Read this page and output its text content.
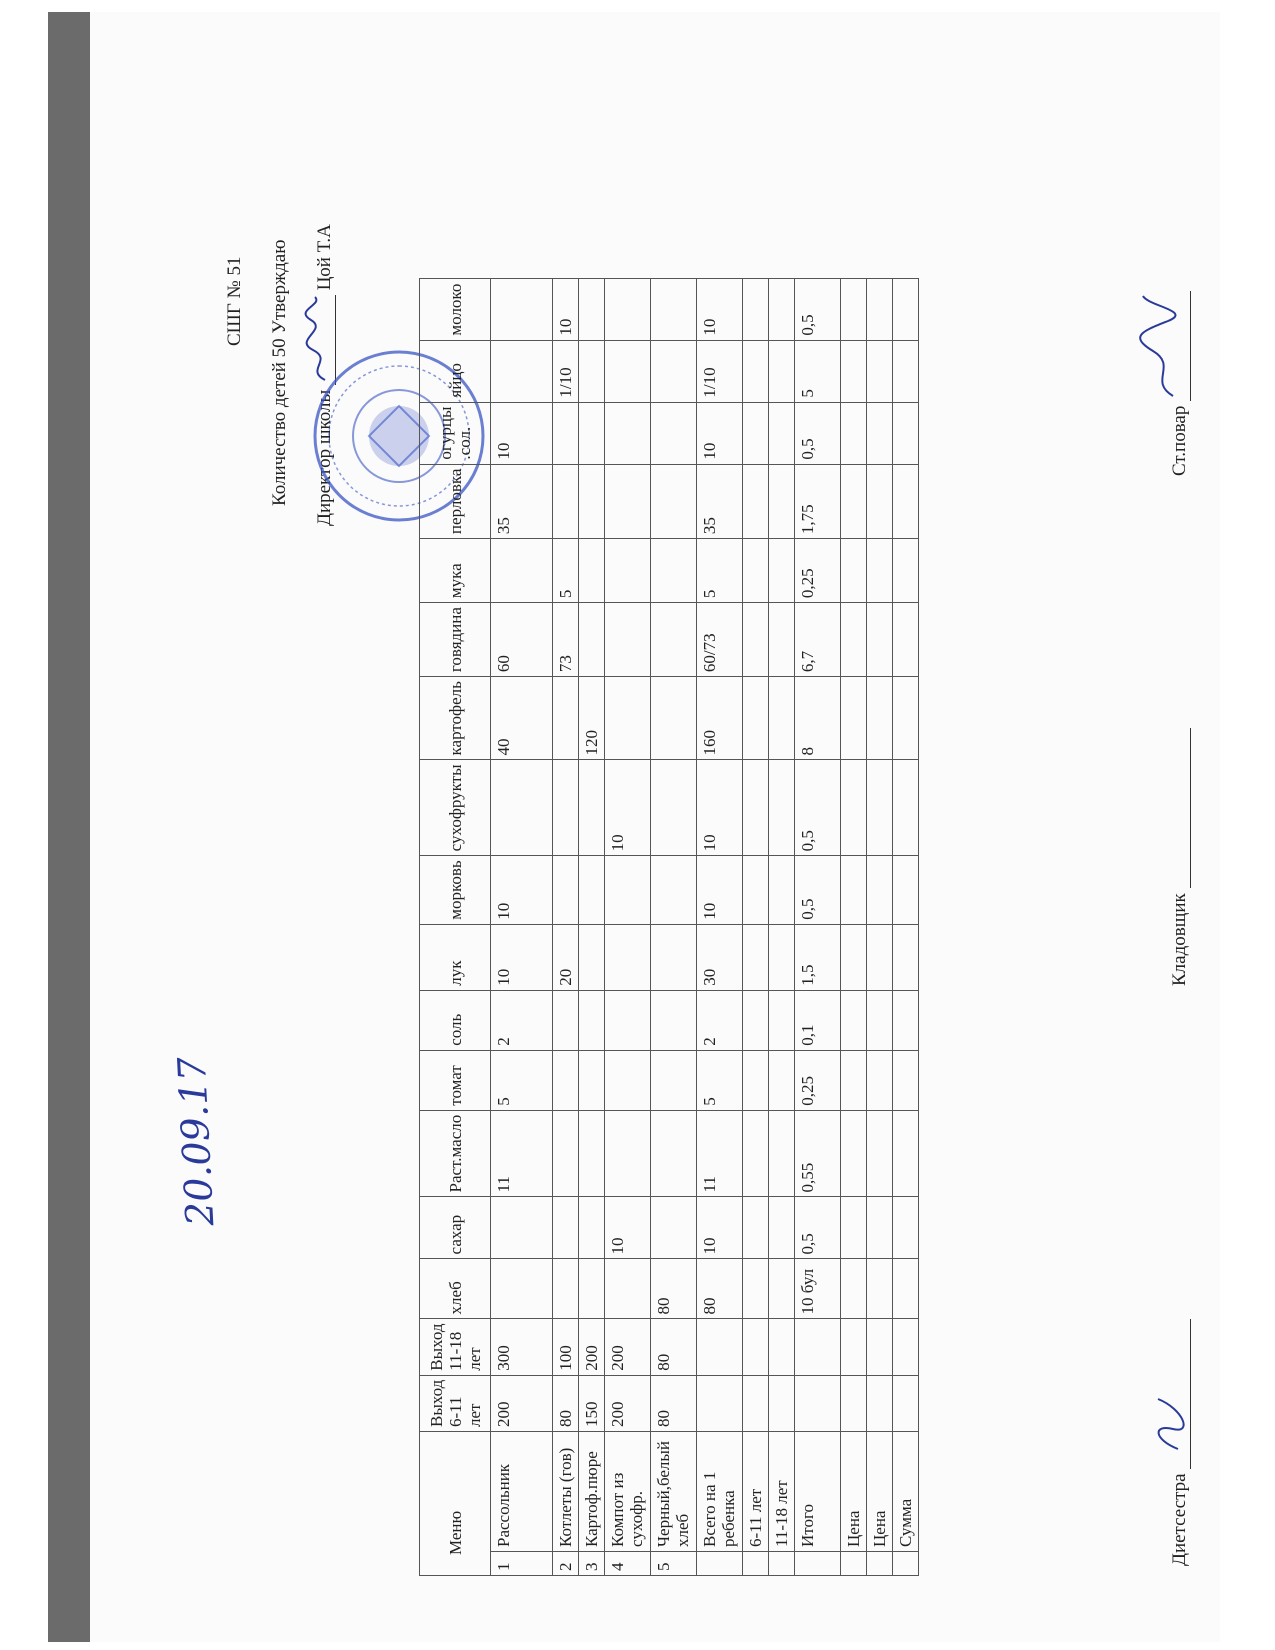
СШГ № 51
Количество детей 50 Утверждаю
Директор школы  Цой Т.А
20.09.17
Меню		Выход 6-11 лет	Выход 11-18 лет	хлеб	сахар	Раст.масло	томат	соль	лук	морковь	сухофрукты	картофель	говядина	мука	перловка	огурцы .сол.	яйцо	молоко
1	Рассольник	200	300			11	5	2	10	10		40	60		35	10		
2	Котлеты (гов)	80	100						20				73	5			1/10	10
3	Картоф.пюре	150	200									120						
4	Компот из сухофр.	200	200		10						10							
5	Черный,белый хлеб	80	80	80														
	Всего на 1 ребенка			80	10	11	5	2	30	10	10	160	60/73	5	35	10	1/10	10
	6-11 лет																	
	11-18 лет																	
	Итого			10 бул	0,5	0,55	0,25	0,1	1,5	0,5	0,5	8	6,7	0,25	1,75	0,5	5	0,5
	Цена																	
	Цена																	
	Сумма																		Диетсестра
Кладовщик
Ст.повар
